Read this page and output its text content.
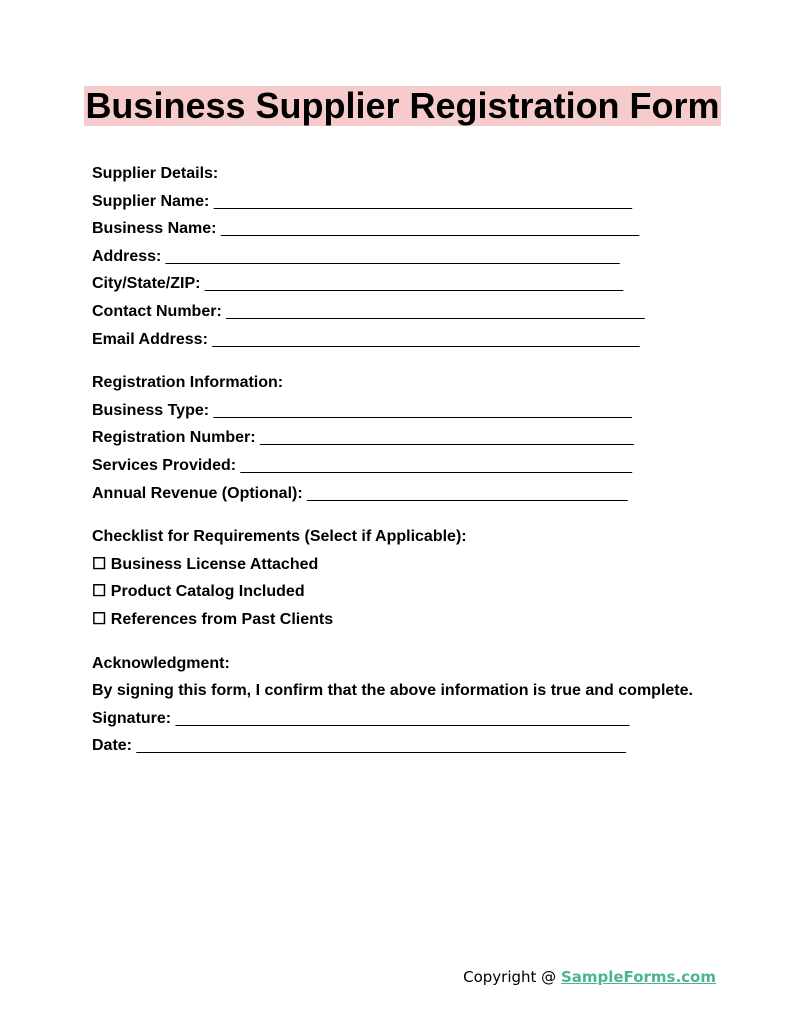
Business Supplier Registration Form
Supplier Details:
Supplier Name: _______________________________________________
Business Name: _______________________________________________
Address: ___________________________________________________
City/State/ZIP: _______________________________________________
Contact Number: _______________________________________________
Email Address: ________________________________________________
Registration Information:
Business Type: _______________________________________________
Registration Number: __________________________________________
Services Provided: ____________________________________________
Annual Revenue (Optional): ____________________________________
Checklist for Requirements (Select if Applicable):
☐ Business License Attached
☐ Product Catalog Included
☐ References from Past Clients
Acknowledgment:
By signing this form, I confirm that the above information is true and complete.
Signature: ___________________________________________________
Date: _______________________________________________________
Copyright @ SampleForms.com
